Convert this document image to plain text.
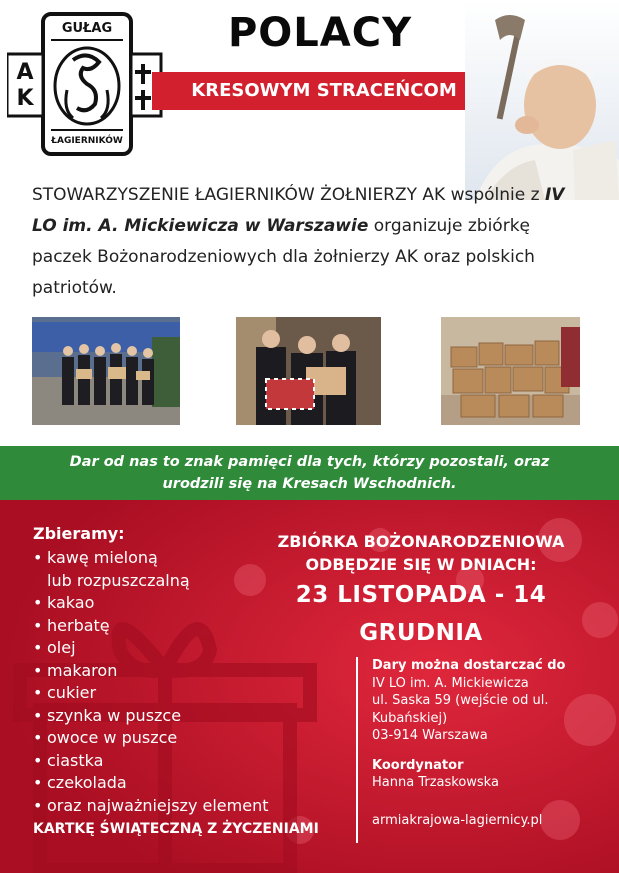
GUŁAG
A
K
ŁAGIERNIKÓW
POLACY
KRESOWYM STRACEŃCOM
STOWARZYSZENIE ŁAGIERNIKÓW ŻOŁNIERZY AK wspólnie z IV LO im. A. Mickiewicza w Warszawie organizuje zbiórkę paczek Bożonarodzeniowych dla żołnierzy AK oraz polskich patriotów.
Dar od nas to znak pamięci dla tych, którzy pozostali, oraz
urodzili się na Kresach Wschodnich.
Zbieramy:
• kawę mieloną
lub rozpuszczalną
• kakao
• herbatę
• olej
• makaron
• cukier
• szynka w puszce
• owoce w puszce
• ciastka
• czekolada
• oraz najważniejszy element
KARTKĘ ŚWIĄTECZNĄ Z ŻYCZENIAMI
ZBIÓRKA BOŻONARODZENIOWA
ODBĘDZIE SIĘ W DNIACH:
23 LISTOPADA - 14 GRUDNIA
Dary można dostarczać do
IV LO im. A. Mickiewicza
ul. Saska 59 (wejście od ul.
Kubańskiej)
03-914 Warszawa
Koordynator
Hanna Trzaskowska
armiakrajowa-lagiernicy.pl
